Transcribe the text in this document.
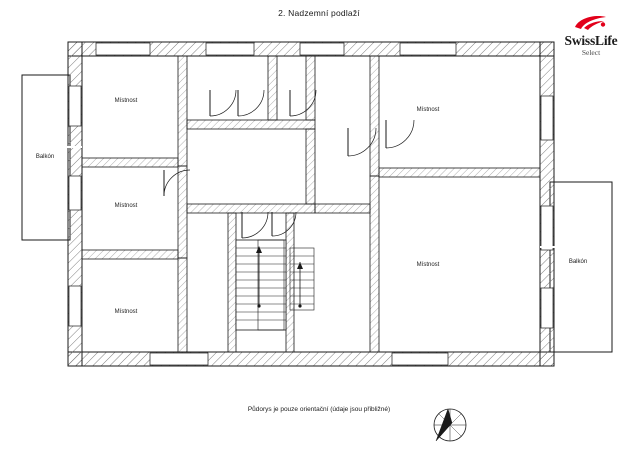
2. Nadzemní podlaží
SwissLife
Select
Místnost
Místnost
Místnost
Místnost
Místnost
Balkón
Balkón
Půdorys je pouze orientační (údaje jsou přibližné)
